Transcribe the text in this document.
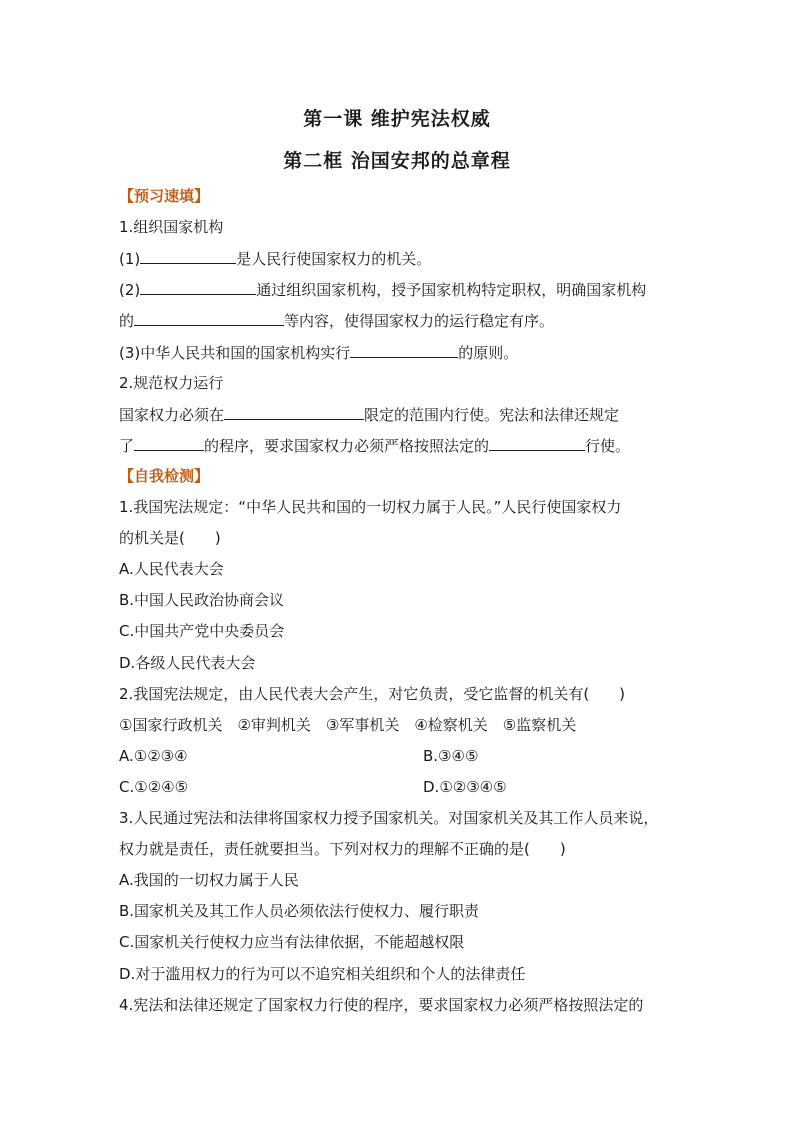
第一课 维护宪法权威
第二框 治国安邦的总章程
【预习速填】
1.组织国家机构
(1)	是人民行使国家权力的机关。
(2)	通过组织国家机构，授予国家机构特定职权，明确国家机构
的	等内容，使得国家权力的运行稳定有序。
(3)中华人民共和国的国家机构实行	的原则。
2.规范权力运行
国家权力必须在	限定的范围内行使。宪法和法律还规定
了	的程序，要求国家权力必须严格按照法定的	行使。
【自我检测】
1.我国宪法规定：“中华人民共和国的一切权力属于人民。”人民行使国家权力
的机关是(　　)
A.人民代表大会
B.中国人民政治协商会议
C.中国共产党中央委员会
D.各级人民代表大会
2.我国宪法规定，由人民代表大会产生，对它负责，受它监督的机关有(　　)
①国家行政机关　②审判机关　③军事机关　④检察机关　⑤监察机关
A.①②③④	B.③④⑤
C.①②④⑤	D.①②③④⑤
3.人民通过宪法和法律将国家权力授予国家机关。对国家机关及其工作人员来说，
权力就是责任，责任就要担当。下列对权力的理解不正确的是(　　)
A.我国的一切权力属于人民
B.国家机关及其工作人员必须依法行使权力、履行职责
C.国家机关行使权力应当有法律依据，不能超越权限
D.对于滥用权力的行为可以不追究相关组织和个人的法律责任
4.宪法和法律还规定了国家权力行使的程序，要求国家权力必须严格按照法定的
